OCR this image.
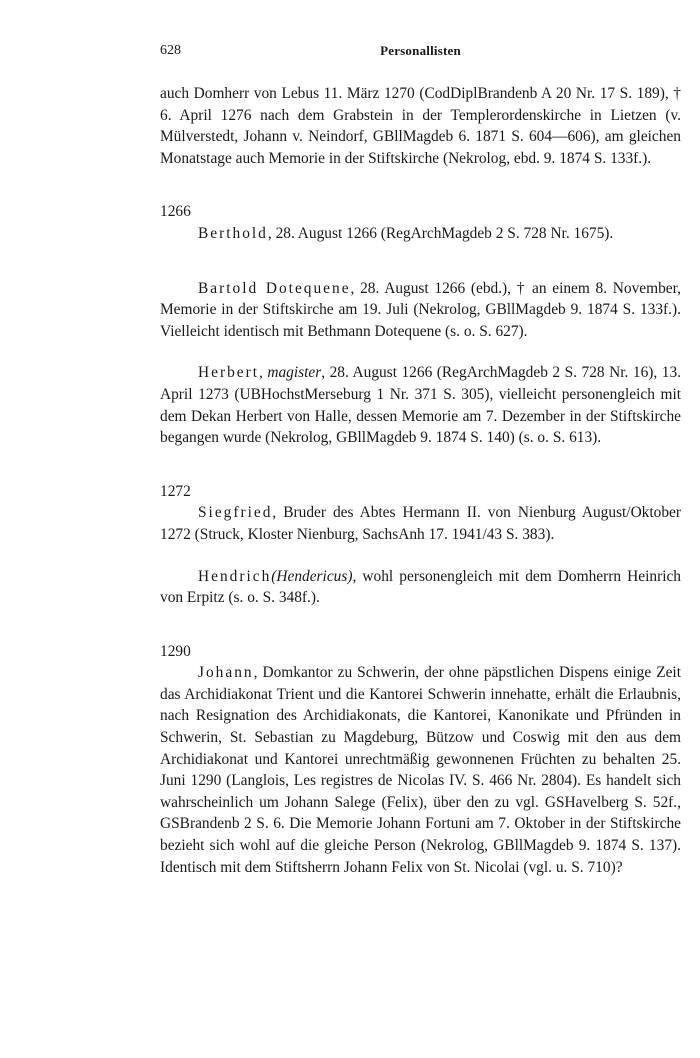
628	Personallisten

auch Domherr von Lebus 11. März 1270 (CodDiplBrandenb A 20 Nr. 17 S. 189), † 6. April 1276 nach dem Grabstein in der Templerordenskirche in Lietzen (v. Mülverstedt, Johann v. Neindorf, GBllMagdeb 6. 1871 S. 604—606), am gleichen Monatstage auch Memorie in der Stiftskirche (Nekrolog, ebd. 9. 1874 S. 133f.).

1266

Berthold, 28. August 1266 (RegArchMagdeb 2 S. 728 Nr. 1675).

Bartold Dotequene, 28. August 1266 (ebd.), † an einem 8. November, Memorie in der Stiftskirche am 19. Juli (Nekrolog, GBllMagdeb 9. 1874 S. 133f.). Vielleicht identisch mit Bethmann Dotequene (s. o. S. 627).

Herbert, magister, 28. August 1266 (RegArchMagdeb 2 S. 728 Nr. 16), 13. April 1273 (UBHochstMerseburg 1 Nr. 371 S. 305), vielleicht personengleich mit dem Dekan Herbert von Halle, dessen Memorie am 7. Dezember in der Stiftskirche begangen wurde (Nekrolog, GBllMagdeb 9. 1874 S. 140) (s. o. S. 613).

1272

Siegfried, Bruder des Abtes Hermann II. von Nienburg August/Oktober 1272 (Struck, Kloster Nienburg, SachsAnh 17. 1941/43 S. 383).

Hendrich(Hendericus), wohl personengleich mit dem Domherrn Heinrich von Erpitz (s. o. S. 348f.).

1290

Johann, Domkantor zu Schwerin, der ohne päpstlichen Dispens einige Zeit das Archidiakonat Trient und die Kantorei Schwerin innehatte, erhält die Erlaubnis, nach Resignation des Archidiakonats, die Kantorei, Kanonikate und Pfründen in Schwerin, St. Sebastian zu Magdeburg, Bützow und Coswig mit den aus dem Archidiakonat und Kantorei unrechtmäßig gewonnenen Früchten zu behalten 25. Juni 1290 (Langlois, Les registres de Nicolas IV. S. 466 Nr. 2804). Es handelt sich wahrscheinlich um Johann Salege (Felix), über den zu vgl. GSHavelberg S. 52f., GSBrandenb 2 S. 6. Die Memorie Johann Fortuni am 7. Oktober in der Stiftskirche bezieht sich wohl auf die gleiche Person (Nekrolog, GBllMagdeb 9. 1874 S. 137). Identisch mit dem Stiftsherrn Johann Felix von St. Nicolai (vgl. u. S. 710)?
